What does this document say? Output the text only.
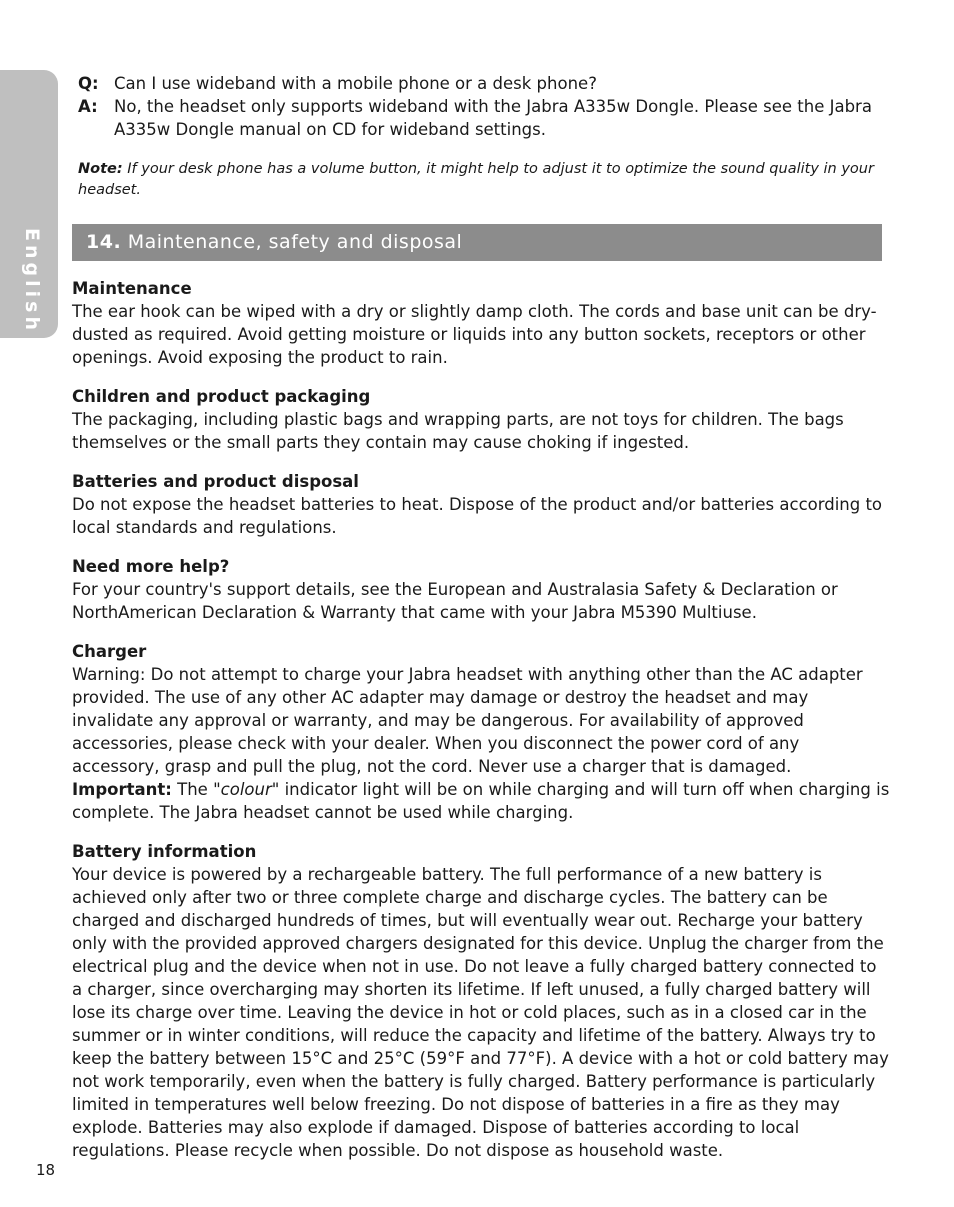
English
Q: Can I use wideband with a mobile phone or a desk phone?
A: No, the headset only supports wideband with the Jabra A335w Dongle. Please see the Jabra A335w Dongle manual on CD for wideband settings.
Note: If your desk phone has a volume button, it might help to adjust it to optimize the sound quality in your headset.
14. Maintenance, safety and disposal
Maintenance

The ear hook can be wiped with a dry or slightly damp cloth. The cords and base unit can be dry-dusted as required. Avoid getting moisture or liquids into any button sockets, receptors or other openings. Avoid exposing the product to rain.

Children and product packaging

The packaging, including plastic bags and wrapping parts, are not toys for children. The bags themselves or the small parts they contain may cause choking if ingested.

Batteries and product disposal

Do not expose the headset batteries to heat. Dispose of the product and/or batteries according to local standards and regulations.

Need more help?

For your country's support details, see the European and Australasia Safety & Declaration or NorthAmerican Declaration & Warranty that came with your Jabra M5390 Multiuse.

Charger

Warning: Do not attempt to charge your Jabra headset with anything other than the AC adapter provided. The use of any other AC adapter may damage or destroy the headset and may invalidate any approval or warranty, and may be dangerous. For availability of approved accessories, please check with your dealer. When you disconnect the power cord of any accessory, grasp and pull the plug, not the cord. Never use a charger that is damaged. Important: The "colour" indicator light will be on while charging and will turn off when charging is complete. The Jabra headset cannot be used while charging.

Battery information

Your device is powered by a rechargeable battery. The full performance of a new battery is achieved only after two or three complete charge and discharge cycles. The battery can be charged and discharged hundreds of times, but will eventually wear out. Recharge your battery only with the provided approved chargers designated for this device. Unplug the charger from the electrical plug and the device when not in use. Do not leave a fully charged battery connected to a charger, since overcharging may shorten its lifetime. If left unused, a fully charged battery will lose its charge over time. Leaving the device in hot or cold places, such as in a closed car in the summer or in winter conditions, will reduce the capacity and lifetime of the battery. Always try to keep the battery between 15°C and 25°C (59°F and 77°F). A device with a hot or cold battery may not work temporarily, even when the battery is fully charged. Battery performance is particularly limited in temperatures well below freezing. Do not dispose of batteries in a fire as they may explode. Batteries may also explode if damaged. Dispose of batteries according to local regulations. Please recycle when possible. Do not dispose as household waste.

18
